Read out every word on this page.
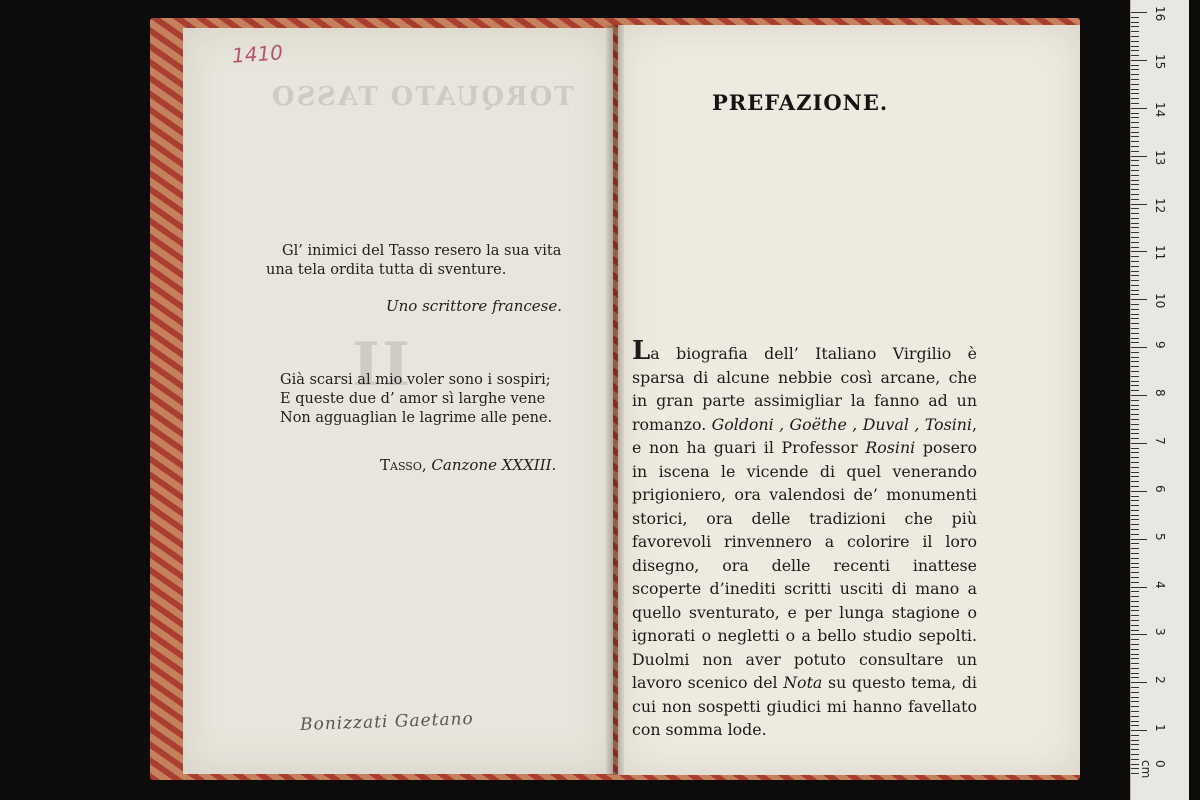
TORQUATO TASSO
II
1410
Gl’ inimici del Tasso resero la sua vita
una tela ordita tutta di sventure.
Uno scrittore francese.
Già scarsi al mio voler sono i sospiri;
E queste due d’ amor sì larghe vene
Non agguaglian le lagrime alle pene.
Tasso, Canzone XXXIII.
Bonizzati Gaetano
PREFAZIONE.

La biografia dell’ Italiano Virgilio è sparsa di alcune nebbie così arcane, che in gran parte assimigliar la fanno ad un romanzo. Goldoni , Goëthe , Duval , Tosini, e non ha guari il Professor Rosini posero in iscena le vicende di quel venerando prigioniero, ora valendosi de’ monumenti storici, ora delle tradizioni che più favorevoli rinvennero a colorire il loro disegno, ora delle recenti inattese scoperte d’inediti scritti usciti di mano a quello sventurato, e per lunga stagione o ignorati o negletti o a bello studio sepolti. Duolmi non aver potuto consultare un lavoro scenico del Nota su questo tema, di cui non sospetti giudici mi hanno favellato con somma lode.

16
15
14
13
12
11
10
9
8
7
6
5
4
3
2
1
0 cm
